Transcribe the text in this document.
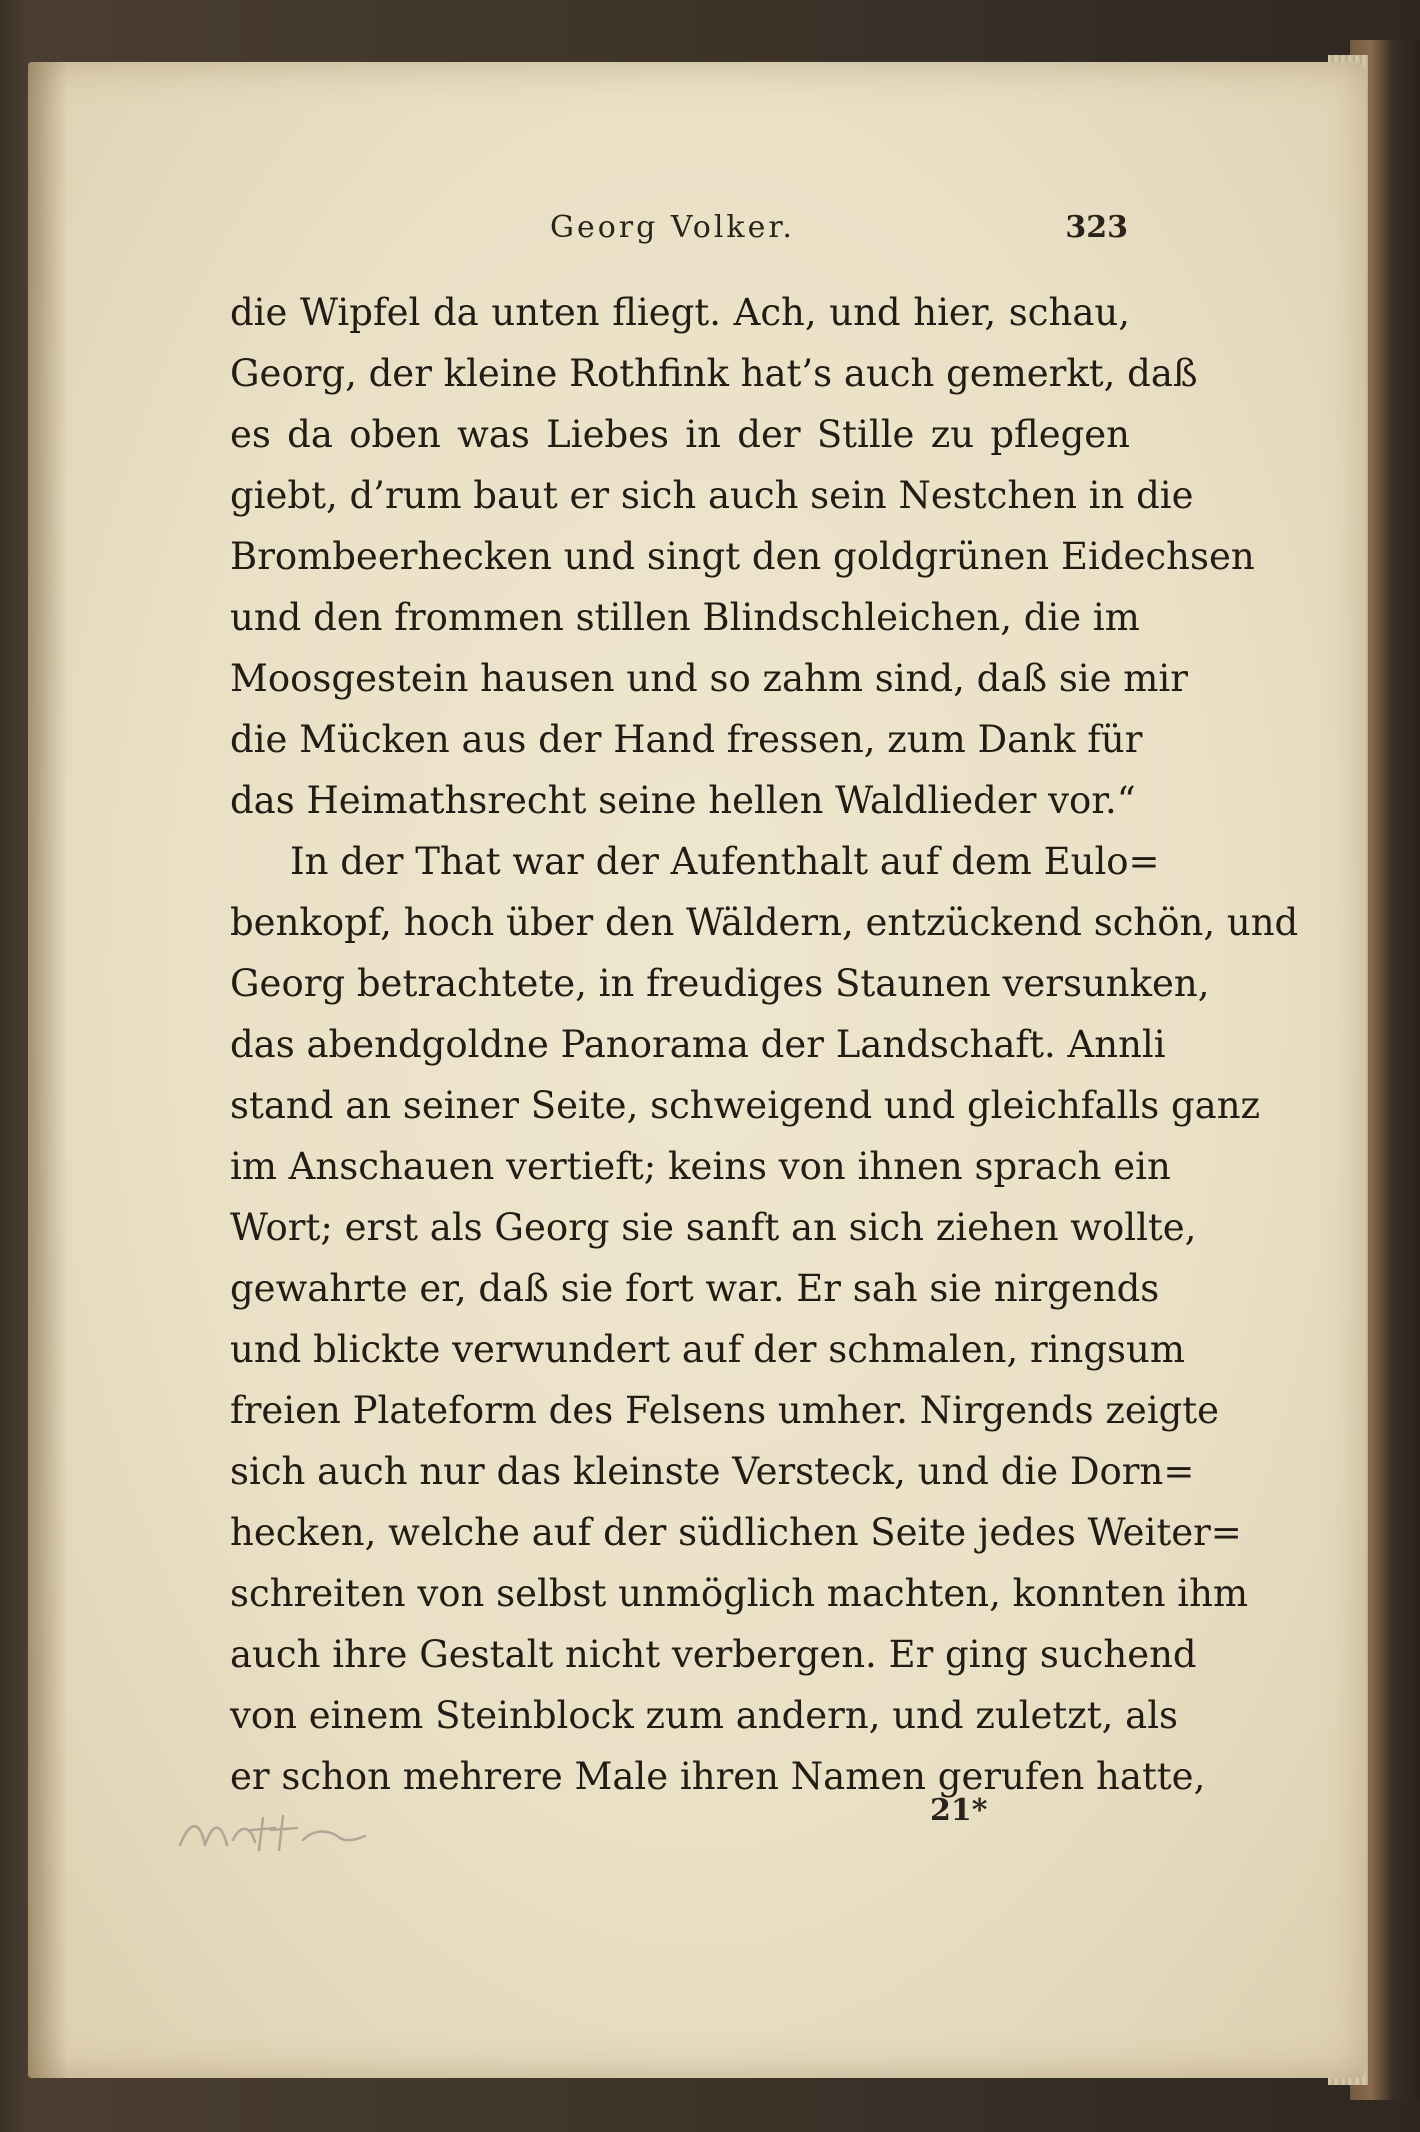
Georg Volker.	323
die Wipfel da unten fliegt. Ach, und hier, schau,
Georg, der kleine Rothfink hat’s auch gemerkt, daß
es da oben was Liebes in der Stille zu pflegen
giebt, d’rum baut er sich auch sein Nestchen in die
Brombeerhecken und singt den goldgrünen Eidechsen
und den frommen stillen Blindschleichen, die im
Moosgestein hausen und so zahm sind, daß sie mir
die Mücken aus der Hand fressen, zum Dank für
das Heimathsrecht seine hellen Waldlieder vor.“
In der That war der Aufenthalt auf dem Eulo=
benkopf, hoch über den Wäldern, entzückend schön, und
Georg betrachtete, in freudiges Staunen versunken,
das abendgoldne Panorama der Landschaft. Annli
stand an seiner Seite, schweigend und gleichfalls ganz
im Anschauen vertieft; keins von ihnen sprach ein
Wort; erst als Georg sie sanft an sich ziehen wollte,
gewahrte er, daß sie fort war. Er sah sie nirgends
und blickte verwundert auf der schmalen, ringsum
freien Plateform des Felsens umher. Nirgends zeigte
sich auch nur das kleinste Versteck, und die Dorn=
hecken, welche auf der südlichen Seite jedes Weiter=
schreiten von selbst unmöglich machten, konnten ihm
auch ihre Gestalt nicht verbergen. Er ging suchend
von einem Steinblock zum andern, und zuletzt, als
er schon mehrere Male ihren Namen gerufen hatte,
21*
